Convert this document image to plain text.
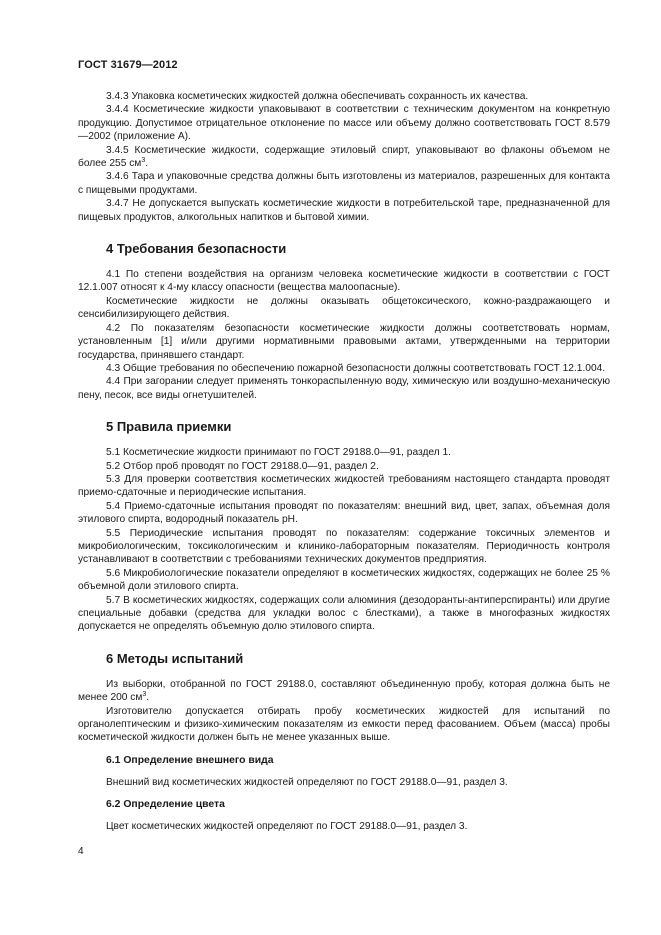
ГОСТ 31679—2012

3.4.3 Упаковка косметических жидкостей должна обеспечивать сохранность их качества.

3.4.4 Косметические жидкости упаковывают в соответствии с техническим документом на конкретную продукцию. Допустимое отрицательное отклонение по массе или объему должно соответствовать ГОСТ 8.579—2002 (приложение А).

3.4.5 Косметические жидкости, содержащие этиловый спирт, упаковывают во флаконы объемом не более 255 $см^3$.

3.4.6 Тара и упаковочные средства должны быть изготовлены из материалов, разрешенных для контакта с пищевыми продуктами.

3.4.7 Не допускается выпускать косметические жидкости в потребительской таре, предназначенной для пищевых продуктов, алкогольных напитков и бытовой химии.

4 Требования безопасности

4.1 По степени воздействия на организм человека косметические жидкости в соответствии с ГОСТ 12.1.007 относят к 4-му классу опасности (вещества малоопасные).

Косметические жидкости не должны оказывать общетоксического, кожно-раздражающего и сенсибилизирующего действия.

4.2 По показателям безопасности косметические жидкости должны соответствовать нормам, установленным [1] и/или другими нормативными правовыми актами, утвержденными на территории государства, принявшего стандарт.

4.3 Общие требования по обеспечению пожарной безопасности должны соответствовать ГОСТ 12.1.004.

4.4 При загорании следует применять тонкораспыленную воду, химическую или воздушно-механическую пену, песок, все виды огнетушителей.

5 Правила приемки

5.1 Косметические жидкости принимают по ГОСТ 29188.0—91, раздел 1.

5.2 Отбор проб проводят по ГОСТ 29188.0—91, раздел 2.

5.3 Для проверки соответствия косметических жидкостей требованиям настоящего стандарта проводят приемо-сдаточные и периодические испытания.

5.4 Приемо-сдаточные испытания проводят по показателям: внешний вид, цвет, запах, объемная доля этилового спирта, водородный показатель pH.

5.5 Периодические испытания проводят по показателям: содержание токсичных элементов и микробиологическим, токсикологическим и клинико-лабораторным показателям. Периодичность контроля устанавливают в соответствии с требованиями технических документов предприятия.

5.6 Микробиологические показатели определяют в косметических жидкостях, содержащих не более 25 % объемной доли этилового спирта.

5.7 В косметических жидкостях, содержащих соли алюминия (дезодоранты-антиперспиранты) или другие специальные добавки (средства для укладки волос с блестками), а также в многофазных жидкостях допускается не определять объемную долю этилового спирта.

6 Методы испытаний

Из выборки, отобранной по ГОСТ 29188.0, составляют объединенную пробу, которая должна быть не менее 200 $см^3$.

Изготовителю допускается отбирать пробу косметических жидкостей для испытаний по органолептическим и физико-химическим показателям из емкости перед фасованием. Объем (масса) пробы косметической жидкости должен быть не менее указанных выше.

6.1 Определение внешнего вида

Внешний вид косметических жидкостей определяют по ГОСТ 29188.0—91, раздел 3.

6.2 Определение цвета

Цвет косметических жидкостей определяют по ГОСТ 29188.0—91, раздел 3.

4
